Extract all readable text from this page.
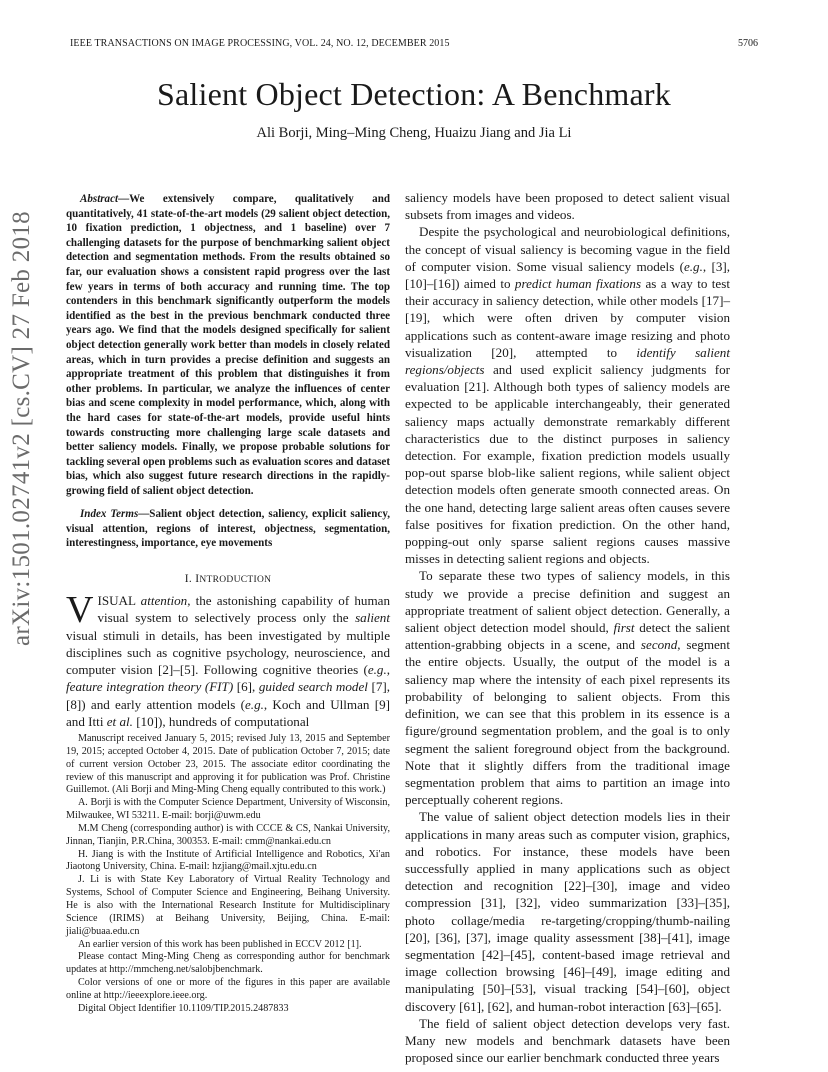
IEEE TRANSACTIONS ON IMAGE PROCESSING, VOL. 24, NO. 12, DECEMBER 2015	5706
Salient Object Detection: A Benchmark
Ali Borji, Ming–Ming Cheng, Huaizu Jiang and Jia Li
arXiv:1501.02741v2 [cs.CV] 27 Feb 2018

Abstract—We extensively compare, qualitatively and quantitatively, 41 state-of-the-art models (29 salient object detection, 10 fixation prediction, 1 objectness, and 1 baseline) over 7 challenging datasets for the purpose of benchmarking salient object detection and segmentation methods. From the results obtained so far, our evaluation shows a consistent rapid progress over the last few years in terms of both accuracy and running time. The top contenders in this benchmark significantly outperform the models identified as the best in the previous benchmark conducted three years ago. We find that the models designed specifically for salient object detection generally work better than models in closely related areas, which in turn provides a precise definition and suggests an appropriate treatment of this problem that distinguishes it from other problems. In particular, we analyze the influences of center bias and scene complexity in model performance, which, along with the hard cases for state-of-the-art models, provide useful hints towards constructing more challenging large scale datasets and better saliency models. Finally, we propose probable solutions for tackling several open problems such as evaluation scores and dataset bias, which also suggest future research directions in the rapidly-growing field of salient object detection.

Index Terms—Salient object detection, saliency, explicit saliency, visual attention, regions of interest, objectness, segmentation, interestingness, importance, eye movements

I. INTRODUCTION

VISUAL attention, the astonishing capability of human visual system to selectively process only the salient visual stimuli in details, has been investigated by multiple disciplines such as cognitive psychology, neuroscience, and computer vision [2]–[5]. Following cognitive theories (e.g., feature integration theory (FIT) [6], guided search model [7], [8]) and early attention models (e.g., Koch and Ullman [9] and Itti et al. [10]), hundreds of computational

Manuscript received January 5, 2015; revised July 13, 2015 and September 19, 2015; accepted October 4, 2015. Date of publication October 7, 2015; date of current version October 23, 2015. The associate editor coordinating the review of this manuscript and approving it for publication was Prof. Christine Guillemot. (Ali Borji and Ming-Ming Cheng equally contributed to this work.)

A. Borji is with the Computer Science Department, University of Wisconsin, Milwaukee, WI 53211. E-mail: borji@uwm.edu

M.M Cheng (corresponding author) is with CCCE & CS, Nankai University, Jinnan, Tianjin, P.R.China, 300353. E-mail: cmm@nankai.edu.cn

H. Jiang is with the Institute of Artificial Intelligence and Robotics, Xi'an Jiaotong University, China. E-mail: hzjiang@mail.xjtu.edu.cn

J. Li is with State Key Laboratory of Virtual Reality Technology and Systems, School of Computer Science and Engineering, Beihang University. He is also with the International Research Institute for Multidisciplinary Science (IRIMS) at Beihang University, Beijing, China. E-mail: jiali@buaa.edu.cn

An earlier version of this work has been published in ECCV 2012 [1].

Please contact Ming-Ming Cheng as corresponding author for benchmark updates at http://mmcheng.net/salobjbenchmark.

Color versions of one or more of the figures in this paper are available online at http://ieeexplore.ieee.org.

Digital Object Identifier 10.1109/TIP.2015.2487833

saliency models have been proposed to detect salient visual subsets from images and videos.

Despite the psychological and neurobiological definitions, the concept of visual saliency is becoming vague in the field of computer vision. Some visual saliency models (e.g., [3], [10]–[16]) aimed to predict human fixations as a way to test their accuracy in saliency detection, while other models [17]–[19], which were often driven by computer vision applications such as content-aware image resizing and photo visualization [20], attempted to identify salient regions/objects and used explicit saliency judgments for evaluation [21]. Although both types of saliency models are expected to be applicable interchangeably, their generated saliency maps actually demonstrate remarkably different characteristics due to the distinct purposes in saliency detection. For example, fixation prediction models usually pop-out sparse blob-like salient regions, while salient object detection models often generate smooth connected areas. On the one hand, detecting large salient areas often causes severe false positives for fixation prediction. On the other hand, popping-out only sparse salient regions causes massive misses in detecting salient regions and objects.

To separate these two types of saliency models, in this study we provide a precise definition and suggest an appropriate treatment of salient object detection. Generally, a salient object detection model should, first detect the salient attention-grabbing objects in a scene, and second, segment the entire objects. Usually, the output of the model is a saliency map where the intensity of each pixel represents its probability of belonging to salient objects. From this definition, we can see that this problem in its essence is a figure/ground segmentation problem, and the goal is to only segment the salient foreground object from the background. Note that it slightly differs from the traditional image segmentation problem that aims to partition an image into perceptually coherent regions.

The value of salient object detection models lies in their applications in many areas such as computer vision, graphics, and robotics. For instance, these models have been successfully applied in many applications such as object detection and recognition [22]–[30], image and video compression [31], [32], video summarization [33]–[35], photo collage/media re-targeting/cropping/thumb-nailing [20], [36], [37], image quality assessment [38]–[41], image segmentation [42]–[45], content-based image retrieval and image collection browsing [46]–[49], image editing and manipulating [50]–[53], visual tracking [54]–[60], object discovery [61], [62], and human-robot interaction [63]–[65].

The field of salient object detection develops very fast. Many new models and benchmark datasets have been proposed since our earlier benchmark conducted three years
